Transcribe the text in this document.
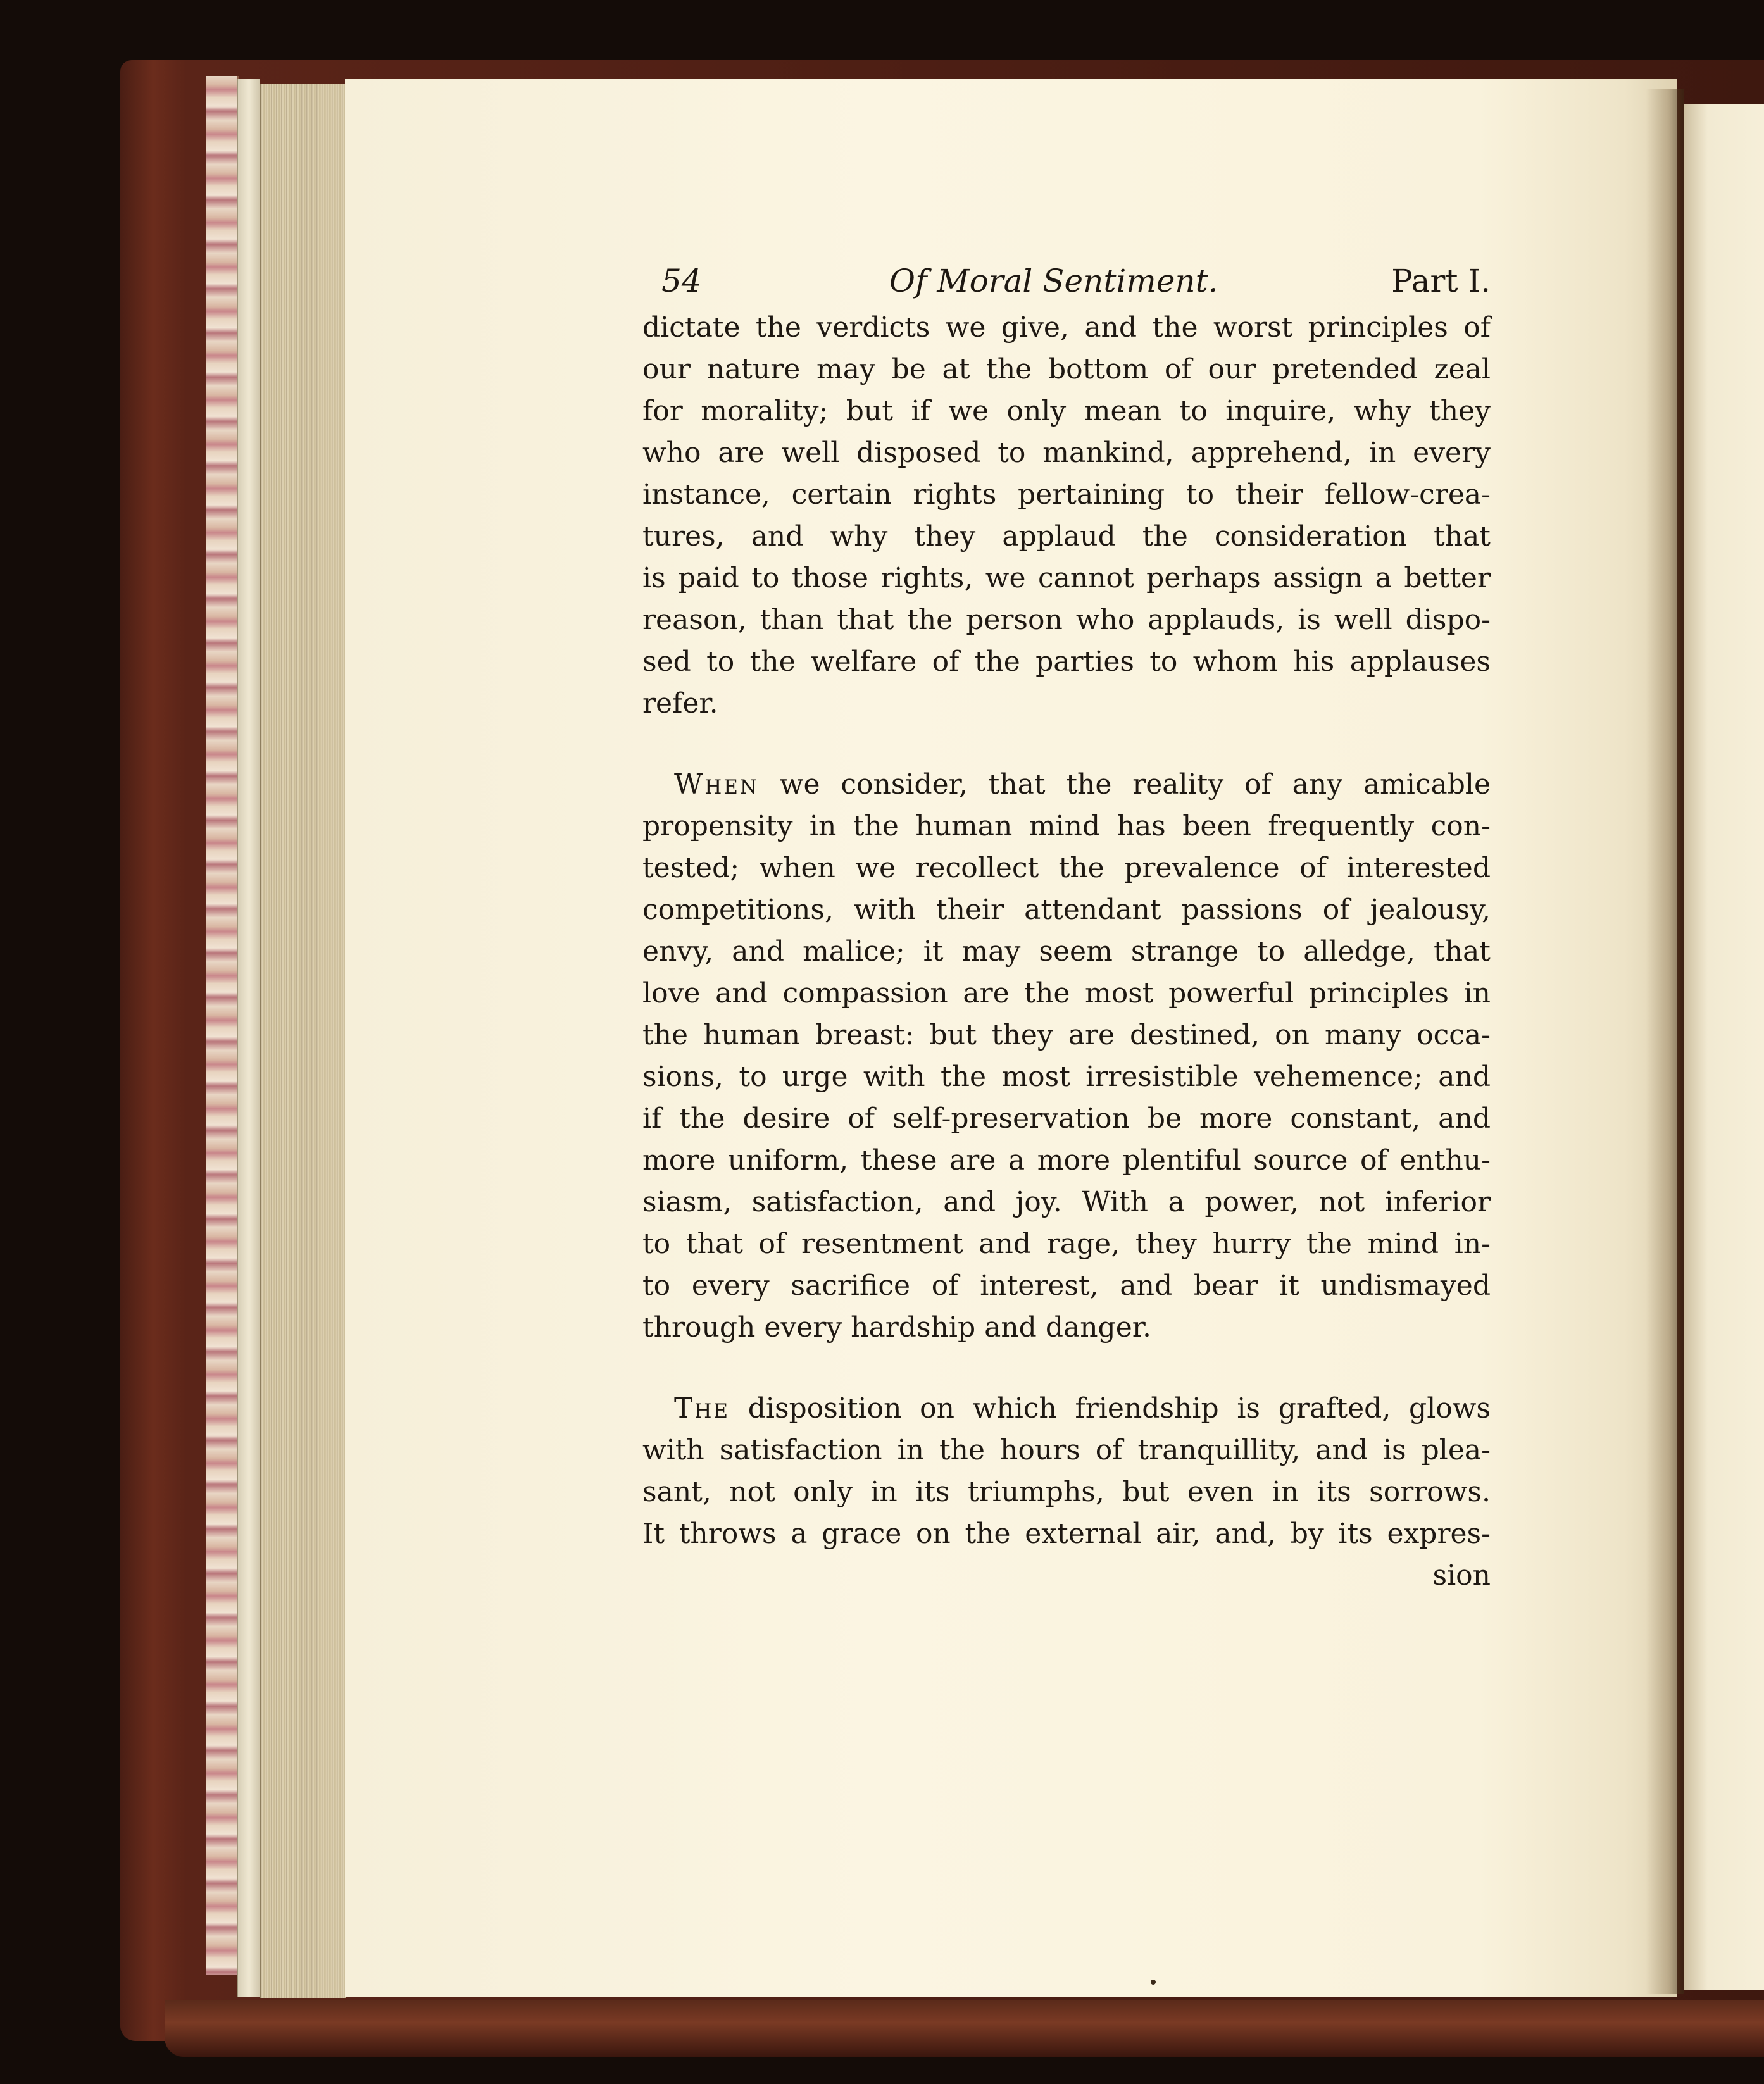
54	Of Moral Sentiment.	Part I.
dictate the verdicts we give, and the worst principles of
our nature may be at the bottom of our pretended zeal
for morality; but if we only mean to inquire, why they
who are well disposed to mankind, apprehend, in every
instance, certain rights pertaining to their fellow-crea-
tures, and why they applaud the consideration that
is paid to those rights, we cannot perhaps assign a better
reason, than that the person who applauds, is well dispo-
sed to the welfare of the parties to whom his applauses
refer.
When we consider, that the reality of any amicable
propensity in the human mind has been frequently con-
tested; when we recollect the prevalence of interested
competitions, with their attendant passions of jealousy,
envy, and malice; it may seem strange to alledge, that
love and compassion are the most powerful principles in
the human breast: but they are destined, on many occa-
sions, to urge with the most irresistible vehemence; and
if the desire of self-preservation be more constant, and
more uniform, these are a more plentiful source of enthu-
siasm, satisfaction, and joy. With a power, not inferior
to that of resentment and rage, they hurry the mind in-
to every sacrifice of interest, and bear it undismayed
through every hardship and danger.
The disposition on which friendship is grafted, glows
with satisfaction in the hours of tranquillity, and is plea-
sant, not only in its triumphs, but even in its sorrows.
It throws a grace on the external air, and, by its expres-
sion
